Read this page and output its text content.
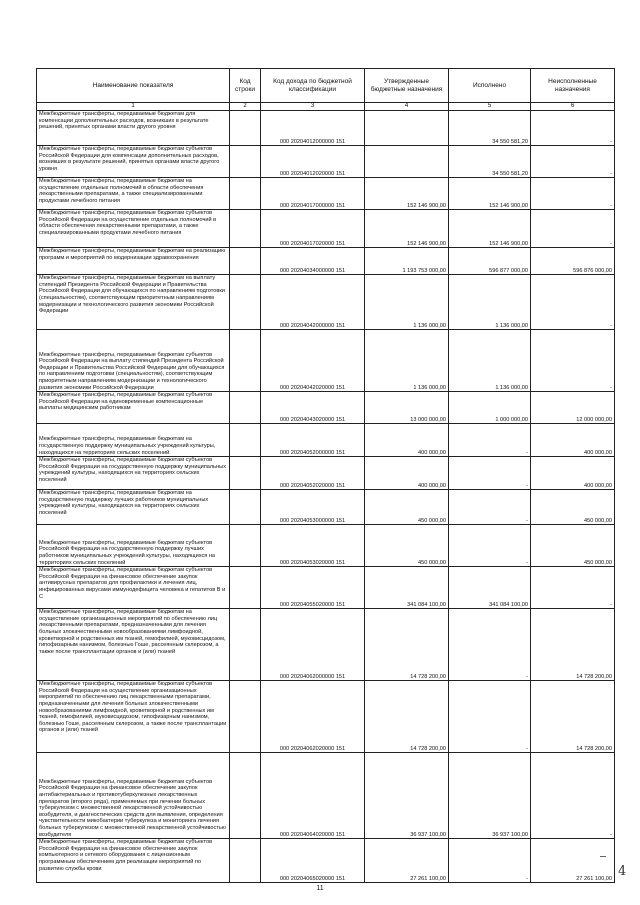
Наименование показателя	Код строки	Код дохода по бюджетной классификации	Утвержденные бюджетные назначения	Исполнено	Неисполненные назначения
1	2	3	4	5	6
Межбюджетные трансферты, передаваемые бюджетам для компенсации дополнительных расходов, возникших в результате решений, принятых органами власти другого уровня		000 20204012000000 151		34 550 581,20	-
Межбюджетные трансферты, передаваемые бюджетам субъектов Российской Федерации для компенсации дополнительных расходов, возникших в результате решений, принятых органами власти другого уровня		000 20204012020000 151		34 550 581,20	-
Межбюджетные трансферты, передаваемые бюджетам на осуществление отдельных полномочий в области обеспечения лекарственными препаратами, а также специализированными продуктами лечебного питания		000 20204017000000 151	152 146 900,00	152 146 900,00	-
Межбюджетные трансферты, передаваемые бюджетам субъектов Российской Федерации на осуществление отдельных полномочий в области обеспечения лекарственными препаратами, а также специализированными продуктами лечебного питания		000 20204017020000 151	152 146 900,00	152 146 900,00	-
Межбюджетные трансферты, передаваемые бюджетам на реализацию программ и мероприятий по модернизации здравоохранения		000 20204034000000 151	1 193 753 000,00	596 877 000,00	596 876 000,00
Межбюджетные трансферты, передаваемые бюджетам на выплату стипендий Президента Российской Федерации и Правительства Российской Федерации для обучающихся по направлениям подготовки (специальностям), соответствующим приоритетным направлениям модернизации и технологического развития экономики Российской Федерации		000 20204042000000 151	1 136 000,00	1 136 000,00	-
Межбюджетные трансферты, передаваемые бюджетам субъектов Российской Федерации на выплату стипендий Президента Российской Федерации и Правительства Российской Федерации для обучающихся по направлениям подготовки (специальностям), соответствующим приоритетным направлениям модернизации и технологического развития экономики Российской Федерации		000 20204042020000 151	1 136 000,00	1 136 000,00	-
Межбюджетные трансферты, передаваемые бюджетам субъектов Российской Федерации на единовременные компенсационные выплаты медицинским работникам		000 20204043020000 151	13 000 000,00	1 000 000,00	12 000 000,00
Межбюджетные трансферты, передаваемые бюджетам на государственную поддержку муниципальных учреждений культуры, находящихся на территориях сельских поселений		000 20204052000000 151	400 000,00	-	400 000,00
Межбюджетные трансферты, передаваемые бюджетам субъектов Российской Федерации на государственную поддержку муниципальных учреждений культуры, находящихся на территориях сельских поселений		000 20204052020000 151	400 000,00	-	400 000,00
Межбюджетные трансферты, передаваемые бюджетам на государственную поддержку лучших работников муниципальных учреждений культуры, находящихся на территориях сельских поселений		000 20204053000000 151	450 000,00	-	450 000,00
Межбюджетные трансферты, передаваемые бюджетам субъектов Российской Федерации на государственную поддержку лучших работников муниципальных учреждений культуры, находящихся на территориях сельских поселений		000 20204053020000 151	450 000,00	-	450 000,00
Межбюджетные трансферты, передаваемые бюджетам субъектов Российской Федерации на финансовое обеспечение закупок антивирусных препаратов для профилактики и лечения лиц, инфицированных вирусами иммунодефицита человека и гепатитов B и C		000 20204055020000 151	341 084 100,00	341 084 100,00	-
Межбюджетные трансферты, передаваемые бюджетам на осуществление организационных мероприятий по обеспечению лиц лекарственными препаратами, предназначенными для лечения больных злокачественными новообразованиями лимфоидной, кроветворной и родственных им тканей, гемофилией, муковисцидозом, гипофизарным нанизмом, болезнью Гоше, рассеянным склерозом, а также после трансплантации органов и (или) тканей		000 20204062000000 151	14 728 200,00	-	14 728 200,00
Межбюджетные трансферты, передаваемые бюджетам субъектов Российской Федерации на осуществление организационных мероприятий по обеспечению лиц лекарственными препаратами, предназначенными для лечения больных злокачественными новообразованиями лимфоидной, кроветворной и родственных им тканей, гемофилией, муковисцидозом, гипофизарным нанизмом, болезнью Гоше, рассеянным склерозом, а также после трансплантации органов и (или) тканей		000 20204062020000 151	14 728 200,00	-	14 728 200,00
Межбюджетные трансферты, передаваемые бюджетам субъектов Российской Федерации на финансовое обеспечение закупок антибактериальных и противотуберкулезных лекарственных препаратов (второго ряда), применяемых при лечении больных туберкулезом с множественной лекарственной устойчивостью возбудителя, и диагностических средств для выявления, определения чувствительности микобактерии туберкулеза и мониторинга лечения больных туберкулезом с множественной лекарственной устойчивостью возбудителя		000 20204064020000 151	36 937 100,00	36 937 100,00	-
Межбюджетные трансферты, передаваемые бюджетам субъектов Российской Федерации на финансовое обеспечение закупок компьютерного и сетевого оборудования с лицензионным программным обеспечением для реализации мероприятий по развитию службы крови		000 20204065020000 151	27 261 100,00	-	27 261 100,00
11
4
